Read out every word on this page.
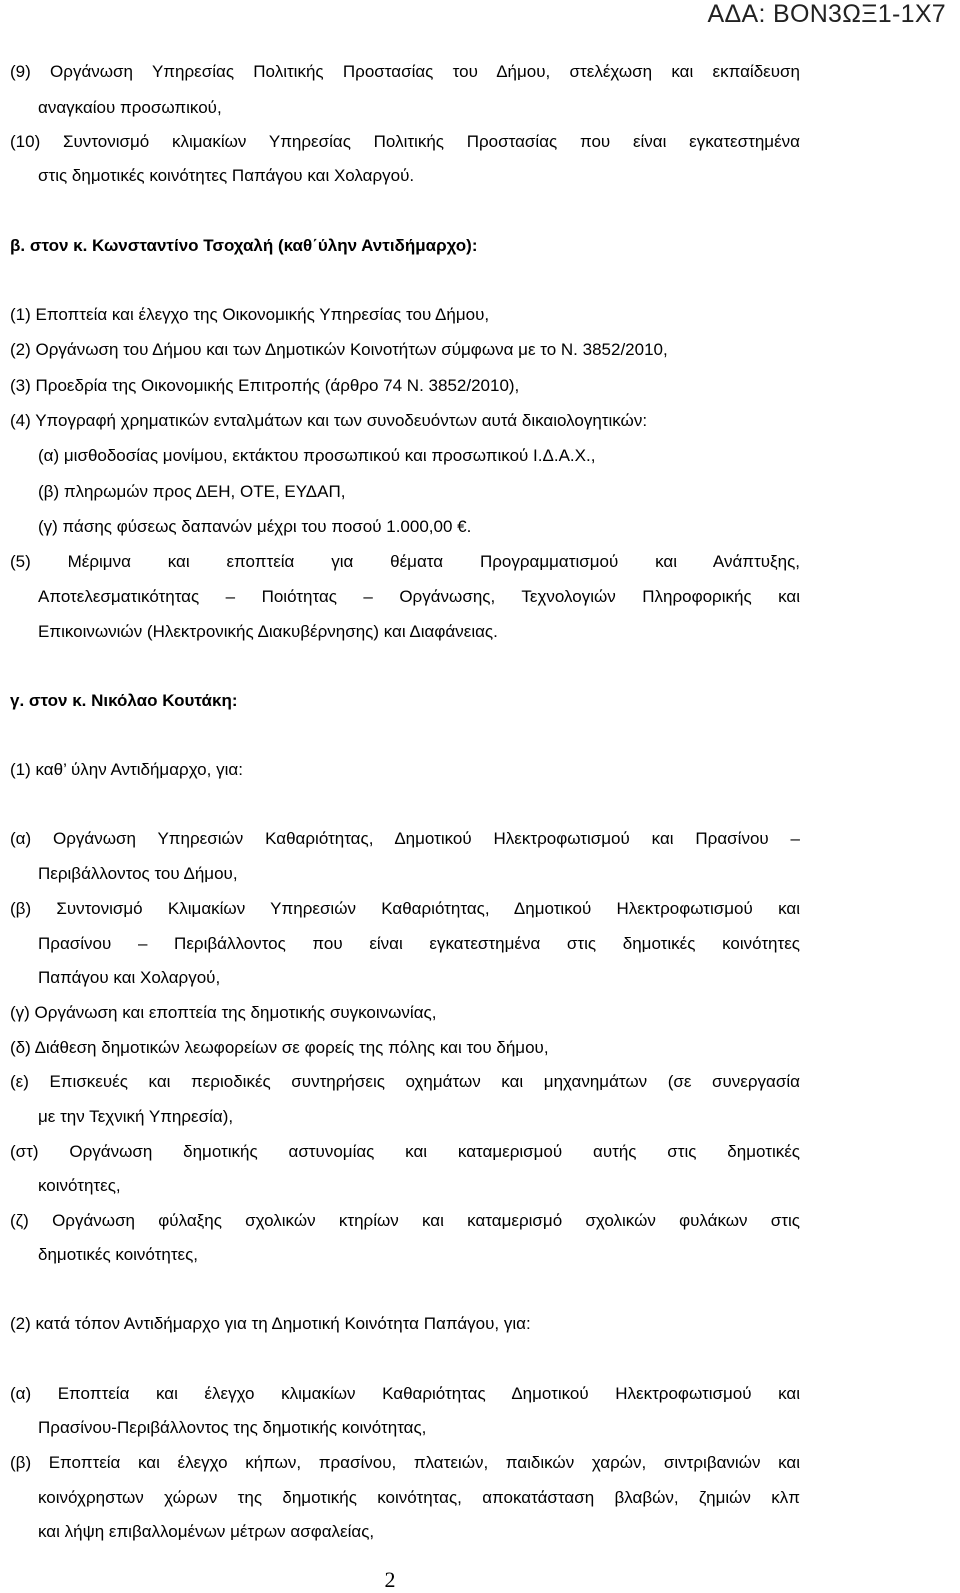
ΑΔΑ: ΒΟΝ3ΩΞ1-1Χ7
(9) Οργάνωση Υπηρεσίας Πολιτικής Προστασίας του Δήμου, στελέχωση και εκπαίδευση
αναγκαίου προσωπικού,
(10) Συντονισμό κλιμακίων Υπηρεσίας Πολιτικής Προστασίας που είναι εγκατεστημένα
στις δημοτικές κοινότητες Παπάγου και Χολαργού.
β. στον κ. Κωνσταντίνο Τσοχαλή (καθ΄ύλην Αντιδήμαρχο):
(1) Εποπτεία και έλεγχο της Οικονομικής Υπηρεσίας του Δήμου,
(2) Οργάνωση του Δήμου και των Δημοτικών Κοινοτήτων σύμφωνα με το Ν. 3852/2010,
(3) Προεδρία της Οικονομικής Επιτροπής (άρθρο 74 Ν. 3852/2010),
(4) Υπογραφή χρηματικών ενταλμάτων και των συνοδευόντων αυτά δικαιολογητικών:
(α) μισθοδοσίας μονίμου, εκτάκτου προσωπικού και προσωπικού Ι.Δ.Α.Χ.,
(β) πληρωμών προς ΔΕΗ, ΟΤΕ, ΕΥΔΑΠ,
(γ) πάσης φύσεως δαπανών μέχρι του ποσού 1.000,00 €.
(5) Μέριμνα και εποπτεία για θέματα Προγραμματισμού και Ανάπτυξης,
Αποτελεσματικότητας – Ποιότητας – Οργάνωσης, Τεχνολογιών Πληροφορικής και
Επικοινωνιών (Ηλεκτρονικής Διακυβέρνησης) και Διαφάνειας.
γ. στον κ. Νικόλαο Κουτάκη:
(1) καθ’ ύλην Αντιδήμαρχο, για:
(α) Οργάνωση Υπηρεσιών Καθαριότητας, Δημοτικού Ηλεκτροφωτισμού και Πρασίνου –
Περιβάλλοντος του Δήμου,
(β) Συντονισμό Κλιμακίων Υπηρεσιών Καθαριότητας, Δημοτικού Ηλεκτροφωτισμού και
Πρασίνου – Περιβάλλοντος που είναι εγκατεστημένα στις δημοτικές κοινότητες
Παπάγου και Χολαργού,
(γ) Οργάνωση και εποπτεία της δημοτικής συγκοινωνίας,
(δ) Διάθεση δημοτικών λεωφορείων σε φορείς της πόλης και του δήμου,
(ε) Επισκευές και περιοδικές συντηρήσεις οχημάτων και μηχανημάτων (σε συνεργασία
με την Τεχνική Υπηρεσία),
(στ) Οργάνωση δημοτικής αστυνομίας και καταμερισμού αυτής στις δημοτικές
κοινότητες,
(ζ) Οργάνωση φύλαξης σχολικών κτηρίων και καταμερισμό σχολικών φυλάκων στις
δημοτικές κοινότητες,
(2) κατά τόπον Αντιδήμαρχο για τη Δημοτική Κοινότητα Παπάγου, για:
(α) Εποπτεία και έλεγχο κλιμακίων Καθαριότητας Δημοτικού Ηλεκτροφωτισμού και
Πρασίνου-Περιβάλλοντος της δημοτικής κοινότητας,
(β) Εποπτεία και έλεγχο κήπων, πρασίνου, πλατειών, παιδικών χαρών, σιντριβανιών και
κοινόχρηστων χώρων της δημοτικής κοινότητας, αποκατάσταση βλαβών, ζημιών κλπ
και λήψη επιβαλλομένων μέτρων ασφαλείας,
2
